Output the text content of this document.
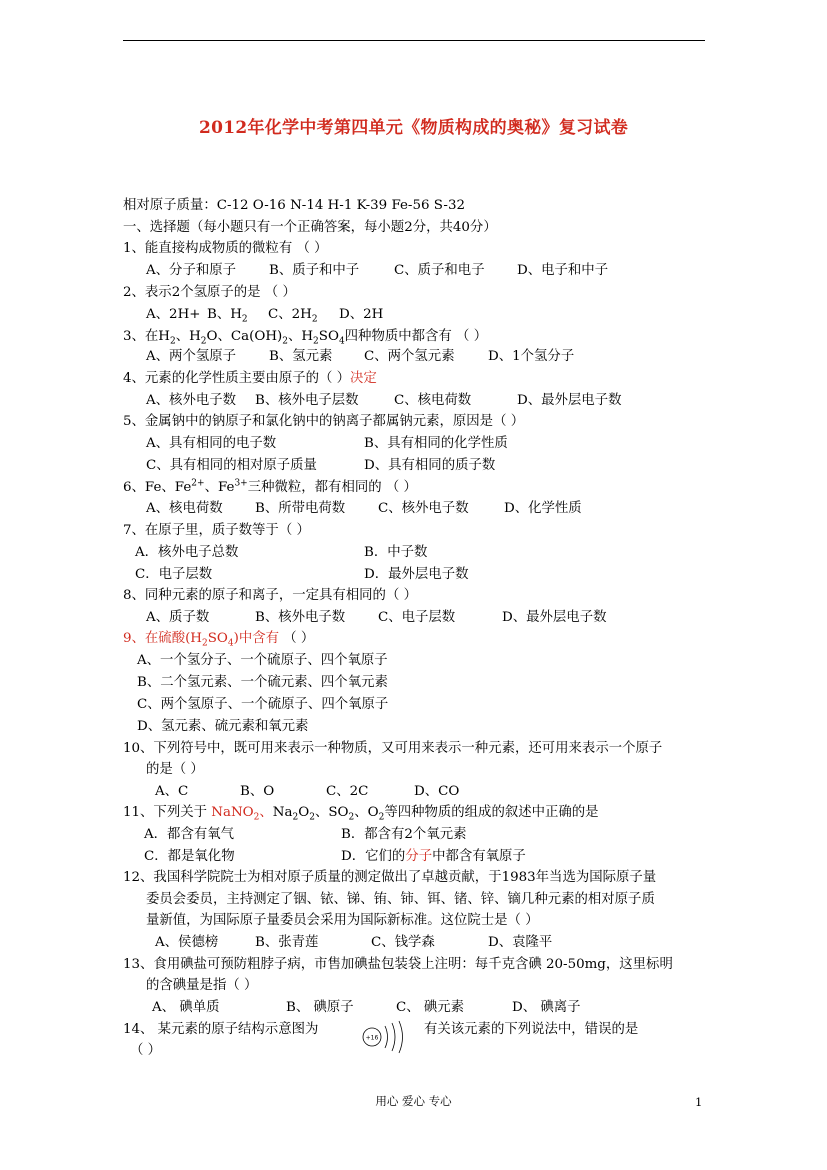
2012年化学中考第四单元《物质构成的奥秘》复习试卷
相对原子质量：C-12 O-16 N-14 H-1 K-39 Fe-56 S-32
一、选择题（每小题只有一个正确答案，每小题2分，共40分）
1、能直接构成物质的微粒有 （ ）
A、分子和原子 B、质子和中子	C、质子和电子 D、电子和中子
2、表示2个氢原子的是 （ ）
A、2H+ B、$H_2$ C、$2H_2$ D、2H
3、在$H_2$、$H_2O$、$Ca(OH)_2$、$H_2SO_4$四种物质中都含有 （ ）
A、两个氢原子 B、氢元素 C、两个氢元素 D、1个氢分子
4、元素的化学性质主要由原子的（ ）决定
A、核外电子数 B、核外电子层数	C、核电荷数	D、最外层电子数
5、金属钠中的钠原子和氯化钠中的钠离子都属钠元素，原因是（ ）
A、具有相同的电子数	B、具有相同的化学性质
C、具有相同的相对原子质量	D、具有相同的质子数
6、Fe、$Fe^{2+}$、$Fe^{3+}$三种微粒，都有相同的 （ ）
A、核电荷数 B、所带电荷数 C、核外电子数	D、化学性质
7、在原子里，质子数等于（ ）
A．核外电子总数	B．中子数
C．电子层数	D．最外层电子数
8、同种元素的原子和离子，一定具有相同的（ ）
A、质子数	B、核外电子数 C、电子层数	D、最外层电子数
9、在硫酸$(H_2SO_4)$中含有 （ ）
A、一个氢分子、一个硫原子、四个氧原子
B、二个氢元素、一个硫元素、四个氧元素
C、两个氢原子、一个硫原子、四个氧原子
D、氢元素、硫元素和氧元素
10、下列符号中，既可用来表示一种物质，又可用来表示一种元素，还可用来表示一个原子
的是（ ）
A、C	B、O	C、2C	D、CO
11、下列关于 NaNO$_2$、$Na_2O_2$、$SO_2$、$O_2$等四种物质的组成的叙述中正确的是
A．都含有氧气	B．都含有2个氧元素
C．都是氧化物	D．它们的分子中都含有氧原子
12、我国科学院院士为相对原子质量的测定做出了卓越贡献，于1983年当选为国际原子量
委员会委员，主持测定了铟、铱、锑、铕、铈、铒、锗、锌、镝几种元素的相对原子质
量新值，为国际原子量委员会采用为国际新标准。这位院士是（ ）
A、侯德榜	B、张青莲	C、钱学森	D、袁隆平
13、食用碘盐可预防粗脖子病，市售加碘盐包装袋上注明：每千克含碘 20-50mg，这里标明
的含碘量是指（ ）
A、 碘单质	B、 碘原子	C、 碘元素	D、 碘离子
14、 某元素的原子结构示意图为
+16
有关该元素的下列说法中，错误的是
（ ）
用心 爱心 专心	1
